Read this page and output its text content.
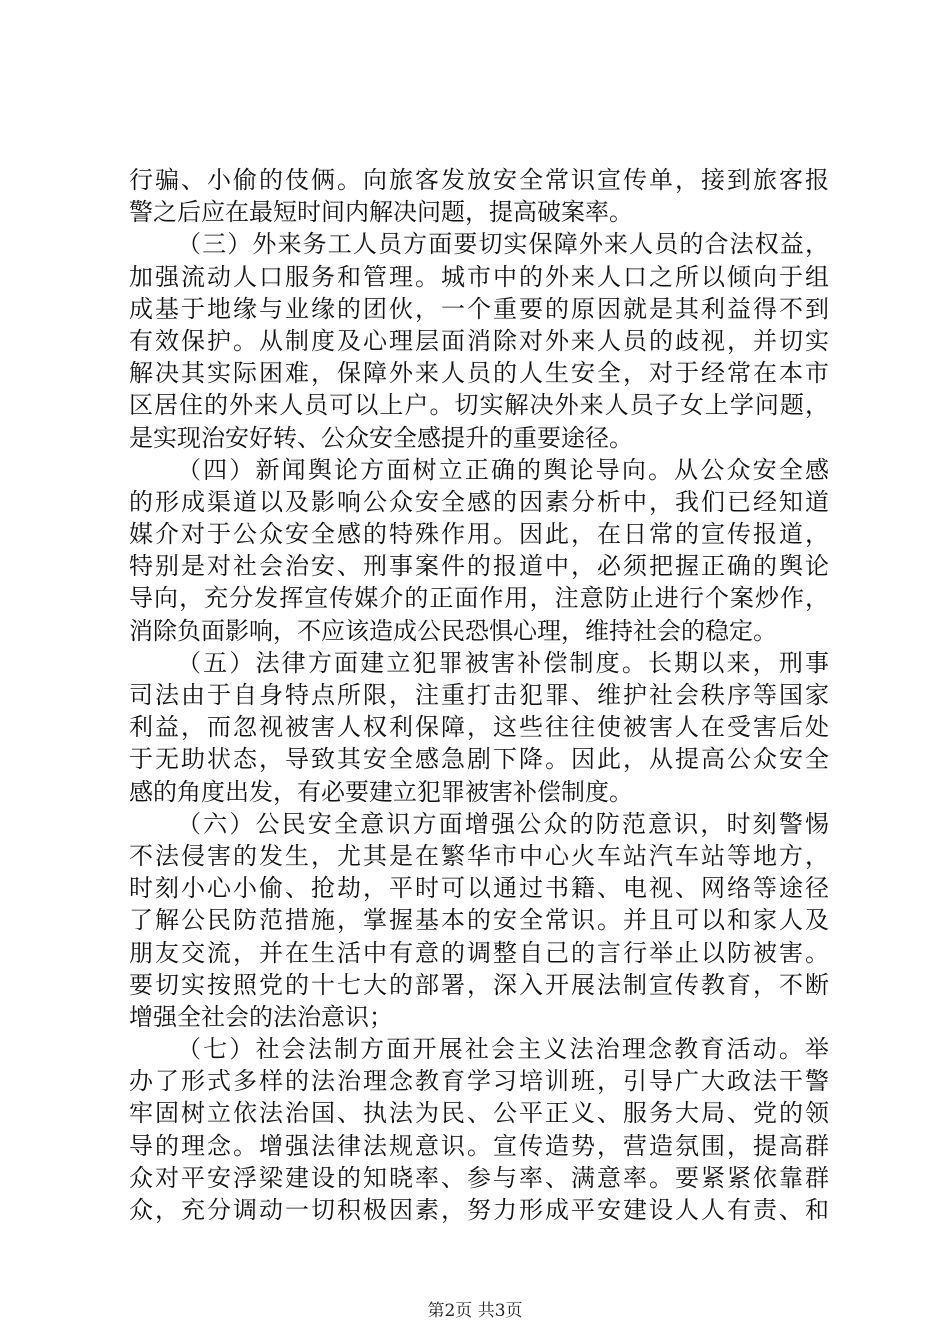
行骗、小偷的伎俩。向旅客发放安全常识宣传单，接到旅客报
警之后应在最短时间内解决问题，提高破案率。
（三）外来务工人员方面要切实保障外来人员的合法权益，
加强流动人口服务和管理。城市中的外来人口之所以倾向于组
成基于地缘与业缘的团伙，一个重要的原因就是其利益得不到
有效保护。从制度及心理层面消除对外来人员的歧视，并切实
解决其实际困难，保障外来人员的人生安全，对于经常在本市
区居住的外来人员可以上户。切实解决外来人员子女上学问题，
是实现治安好转、公众安全感提升的重要途径。
（四）新闻舆论方面树立正确的舆论导向。从公众安全感
的形成渠道以及影响公众安全感的因素分析中，我们已经知道
媒介对于公众安全感的特殊作用。因此，在日常的宣传报道，
特别是对社会治安、刑事案件的报道中，必须把握正确的舆论
导向，充分发挥宣传媒介的正面作用，注意防止进行个案炒作，
消除负面影响，不应该造成公民恐惧心理，维持社会的稳定。
（五）法律方面建立犯罪被害补偿制度。长期以来，刑事
司法由于自身特点所限，注重打击犯罪、维护社会秩序等国家
利益，而忽视被害人权利保障，这些往往使被害人在受害后处
于无助状态，导致其安全感急剧下降。因此，从提高公众安全
感的角度出发，有必要建立犯罪被害补偿制度。
（六）公民安全意识方面增强公众的防范意识，时刻警惕
不法侵害的发生，尤其是在繁华市中心火车站汽车站等地方，
时刻小心小偷、抢劫，平时可以通过书籍、电视、网络等途径
了解公民防范措施，掌握基本的安全常识。并且可以和家人及
朋友交流，并在生活中有意的调整自己的言行举止以防被害。
要切实按照党的十七大的部署，深入开展法制宣传教育，不断
增强全社会的法治意识；
（七）社会法制方面开展社会主义法治理念教育活动。举
办了形式多样的法治理念教育学习培训班，引导广大政法干警
牢固树立依法治国、执法为民、公平正义、服务大局、党的领
导的理念。增强法律法规意识。宣传造势，营造氛围，提高群
众对平安浮梁建设的知晓率、参与率、满意率。要紧紧依靠群
众，充分调动一切积极因素，努力形成平安建设人人有责、和
第2页 共3页
